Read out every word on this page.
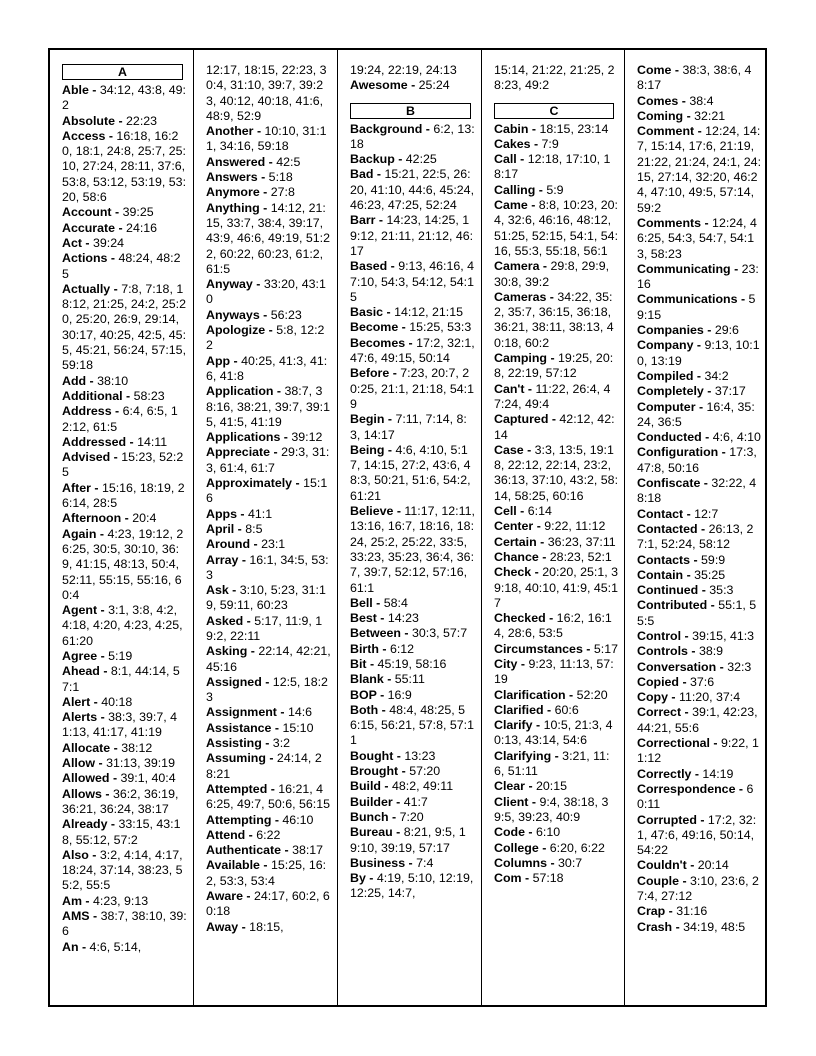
A
Able - 34:12, 43:8, 49:2
Absolute - 22:23
Access - 16:18, 16:20, 18:1, 24:8, 25:7, 25:10, 27:24, 28:11, 37:6, 53:8, 53:12, 53:19, 53:20, 58:6
Account - 39:25
Accurate - 24:16
Act - 39:24
Actions - 48:24, 48:25
Actually - 7:8, 7:18, 18:12, 21:25, 24:2, 25:20, 25:20, 26:9, 29:14, 30:17, 40:25, 42:5, 45:5, 45:21, 56:24, 57:15, 59:18
Add - 38:10
Additional - 58:23
Address - 6:4, 6:5, 12:12, 61:5
Addressed - 14:11
Advised - 15:23, 52:25
After - 15:16, 18:19, 26:14, 28:5
Afternoon - 20:4
Again - 4:23, 19:12, 26:25, 30:5, 30:10, 36:9, 41:15, 48:13, 50:4, 52:11, 55:15, 55:16, 60:4
Agent - 3:1, 3:8, 4:2, 4:18, 4:20, 4:23, 4:25, 61:20
Agree - 5:19
Ahead - 8:1, 44:14, 57:1
Alert - 40:18
Alerts - 38:3, 39:7, 41:13, 41:17, 41:19
Allocate - 38:12
Allow - 31:13, 39:19
Allowed - 39:1, 40:4
Allows - 36:2, 36:19, 36:21, 36:24, 38:17
Already - 33:15, 43:18, 55:12, 57:2
Also - 3:2, 4:14, 4:17, 18:24, 37:14, 38:23, 55:2, 55:5
Am - 4:23, 9:13
AMS - 38:7, 38:10, 39:6
An - 4:6, 5:14,
12:17, 18:15, 22:23, 30:4, 31:10, 39:7, 39:23, 40:12, 40:18, 41:6, 48:9, 52:9
Another - 10:10, 31:11, 34:16, 59:18
Answered - 42:5
Answers - 5:18
Anymore - 27:8
Anything - 14:12, 21:15, 33:7, 38:4, 39:17, 43:9, 46:6, 49:19, 51:22, 60:22, 60:23, 61:2, 61:5
Anyway - 33:20, 43:10
Anyways - 56:23
Apologize - 5:8, 12:22
App - 40:25, 41:3, 41:6, 41:8
Application - 38:7, 38:16, 38:21, 39:7, 39:15, 41:5, 41:19
Applications - 39:12
Appreciate - 29:3, 31:3, 61:4, 61:7
Approximately - 15:16
Apps - 41:1
April - 8:5
Around - 23:1
Array - 16:1, 34:5, 53:3
Ask - 3:10, 5:23, 31:19, 59:11, 60:23
Asked - 5:17, 11:9, 19:2, 22:11
Asking - 22:14, 42:21, 45:16
Assigned - 12:5, 18:23
Assignment - 14:6
Assistance - 15:10
Assisting - 3:2
Assuming - 24:14, 28:21
Attempted - 16:21, 46:25, 49:7, 50:6, 56:15
Attempting - 46:10
Attend - 6:22
Authenticate - 38:17
Available - 15:25, 16:2, 53:3, 53:4
Aware - 24:17, 60:2, 60:18
Away - 18:15,
19:24, 22:19, 24:13
Awesome - 25:24
B
Background - 6:2, 13:18
Backup - 42:25
Bad - 15:21, 22:5, 26:20, 41:10, 44:6, 45:24, 46:23, 47:25, 52:24
Barr - 14:23, 14:25, 19:12, 21:11, 21:12, 46:17
Based - 9:13, 46:16, 47:10, 54:3, 54:12, 54:15
Basic - 14:12, 21:15
Become - 15:25, 53:3
Becomes - 17:2, 32:1, 47:6, 49:15, 50:14
Before - 7:23, 20:7, 20:25, 21:1, 21:18, 54:19
Begin - 7:11, 7:14, 8:3, 14:17
Being - 4:6, 4:10, 5:17, 14:15, 27:2, 43:6, 48:3, 50:21, 51:6, 54:2, 61:21
Believe - 11:17, 12:11, 13:16, 16:7, 18:16, 18:24, 25:2, 25:22, 33:5, 33:23, 35:23, 36:4, 36:7, 39:7, 52:12, 57:16, 61:1
Bell - 58:4
Best - 14:23
Between - 30:3, 57:7
Birth - 6:12
Bit - 45:19, 58:16
Blank - 55:11
BOP - 16:9
Both - 48:4, 48:25, 56:15, 56:21, 57:8, 57:11
Bought - 13:23
Brought - 57:20
Build - 48:2, 49:11
Builder - 41:7
Bunch - 7:20
Bureau - 8:21, 9:5, 19:10, 39:19, 57:17
Business - 7:4
By - 4:19, 5:10, 12:19, 12:25, 14:7,
15:14, 21:22, 21:25, 28:23, 49:2
C
Cabin - 18:15, 23:14
Cakes - 7:9
Call - 12:18, 17:10, 18:17
Calling - 5:9
Came - 8:8, 10:23, 20:4, 32:6, 46:16, 48:12, 51:25, 52:15, 54:1, 54:16, 55:3, 55:18, 56:1
Camera - 29:8, 29:9, 30:8, 39:2
Cameras - 34:22, 35:2, 35:7, 36:15, 36:18, 36:21, 38:11, 38:13, 40:18, 60:2
Camping - 19:25, 20:8, 22:19, 57:12
Can't - 11:22, 26:4, 47:24, 49:4
Captured - 42:12, 42:14
Case - 3:3, 13:5, 19:18, 22:12, 22:14, 23:2, 36:13, 37:10, 43:2, 58:14, 58:25, 60:16
Cell - 6:14
Center - 9:22, 11:12
Certain - 36:23, 37:11
Chance - 28:23, 52:1
Check - 20:20, 25:1, 39:18, 40:10, 41:9, 45:17
Checked - 16:2, 16:14, 28:6, 53:5
Circumstances - 5:17
City - 9:23, 11:13, 57:19
Clarification - 52:20
Clarified - 60:6
Clarify - 10:5, 21:3, 40:13, 43:14, 54:6
Clarifying - 3:21, 11:6, 51:11
Clear - 20:15
Client - 9:4, 38:18, 39:5, 39:23, 40:9
Code - 6:10
College - 6:20, 6:22
Columns - 30:7
Com - 57:18
Come - 38:3, 38:6, 48:17
Comes - 38:4
Coming - 32:21
Comment - 12:24, 14:7, 15:14, 17:6, 21:19, 21:22, 21:24, 24:1, 24:15, 27:14, 32:20, 46:24, 47:10, 49:5, 57:14, 59:2
Comments - 12:24, 46:25, 54:3, 54:7, 54:13, 58:23
Communicating - 23:16
Communications - 59:15
Companies - 29:6
Company - 9:13, 10:10, 13:19
Compiled - 34:2
Completely - 37:17
Computer - 16:4, 35:24, 36:5
Conducted - 4:6, 4:10
Configuration - 17:3, 47:8, 50:16
Confiscate - 32:22, 48:18
Contact - 12:7
Contacted - 26:13, 27:1, 52:24, 58:12
Contacts - 59:9
Contain - 35:25
Continued - 35:3
Contributed - 55:1, 55:5
Control - 39:15, 41:3
Controls - 38:9
Conversation - 32:3
Copied - 37:6
Copy - 11:20, 37:4
Correct - 39:1, 42:23, 44:21, 55:6
Correctional - 9:22, 11:12
Correctly - 14:19
Correspondence - 60:11
Corrupted - 17:2, 32:1, 47:6, 49:16, 50:14, 54:22
Couldn't - 20:14
Couple - 3:10, 23:6, 27:4, 27:12
Crap - 31:16
Crash - 34:19, 48:5
